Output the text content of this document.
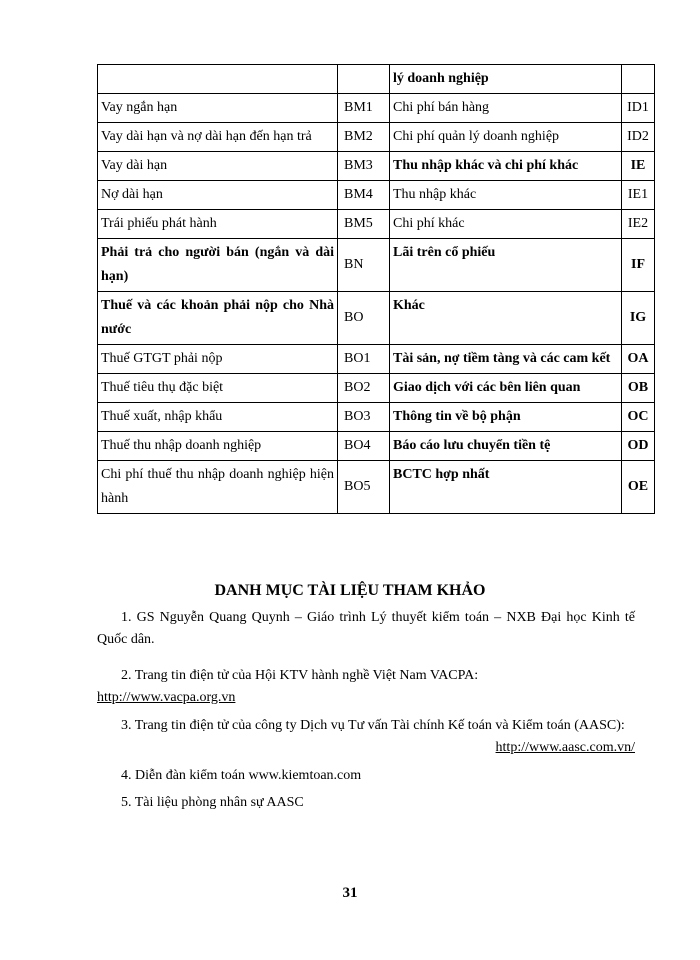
		lý doanh nghiệp	
Vay ngắn hạn	BM1	Chi phí bán hàng	ID1
Vay dài hạn và nợ dài hạn đến hạn trả	BM2	Chi phí quản lý doanh nghiệp	ID2
Vay dài hạn	BM3	Thu nhập khác và chi phí khác	IE
Nợ dài hạn	BM4	Thu nhập khác	IE1
Trái phiếu phát hành	BM5	Chi phí khác	IE2
Phải trả cho người bán (ngắn và dài hạn)	BN	Lãi trên cổ phiếu	IF
Thuế và các khoản phải nộp cho Nhà nước	BO	Khác	IG
Thuế GTGT phải nộp	BO1	Tài sản, nợ tiềm tàng và các cam kết	OA
Thuế tiêu thụ đặc biệt	BO2	Giao dịch với các bên liên quan	OB
Thuế xuất, nhập khẩu	BO3	Thông tin về bộ phận	OC
Thuế thu nhập doanh nghiệp	BO4	Báo cáo lưu chuyển tiền tệ	OD
Chi phí thuế thu nhập doanh nghiệp hiện hành	BO5	BCTC hợp nhất	OE
DANH MỤC TÀI LIỆU THAM KHẢO

1. GS Nguyễn Quang Quynh – Giáo trình Lý thuyết kiểm toán – NXB Đại học Kinh tế Quốc dân.

2. Trang tin điện tử của Hội KTV hành nghề Việt Nam VACPA:
http://www.vacpa.org.vn

3. Trang tin điện tử của công ty Dịch vụ Tư vấn Tài chính Kế toán và Kiểm toán (AASC):
http://www.aasc.com.vn/

4. Diễn đàn kiểm toán www.kiemtoan.com

5. Tài liệu phòng nhân sự AASC

31
